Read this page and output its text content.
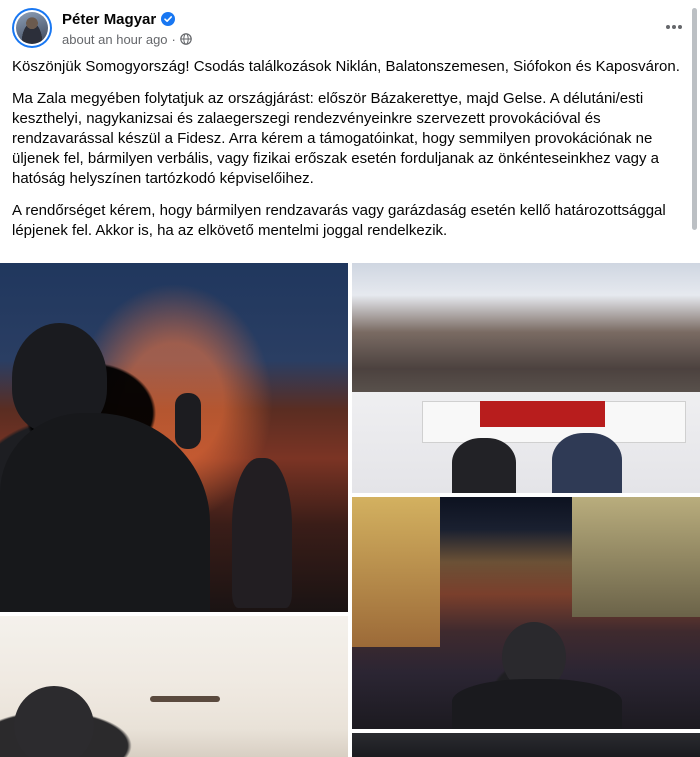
Péter Magyar
about an hour ago ·

Köszönjük Somogyország! Csodás találkozások Niklán, Balatonszemesen, Siófokon és Kaposváron.

Ma Zala megyében folytatjuk az országjárást: először Bázakerettye, majd Gelse. A délutáni/esti keszthelyi, nagykanizsai és zalaegerszegi rendezvényeinkre szervezett provokációval és rendzavarással készül a Fidesz. Arra kérem a támogatóinkat, hogy semmilyen provokációnak ne üljenek fel, bármilyen verbális, vagy fizikai erőszak esetén forduljanak az önkénteseinkhez vagy a hatóság helyszínen tartózkodó képviselőihez.

A rendőrséget kérem, hogy bármilyen rendzavarás vagy garázdaság esetén kellő határozottsággal lépjenek fel. Akkor is, ha az elkövető mentelmi joggal rendelkezik.
